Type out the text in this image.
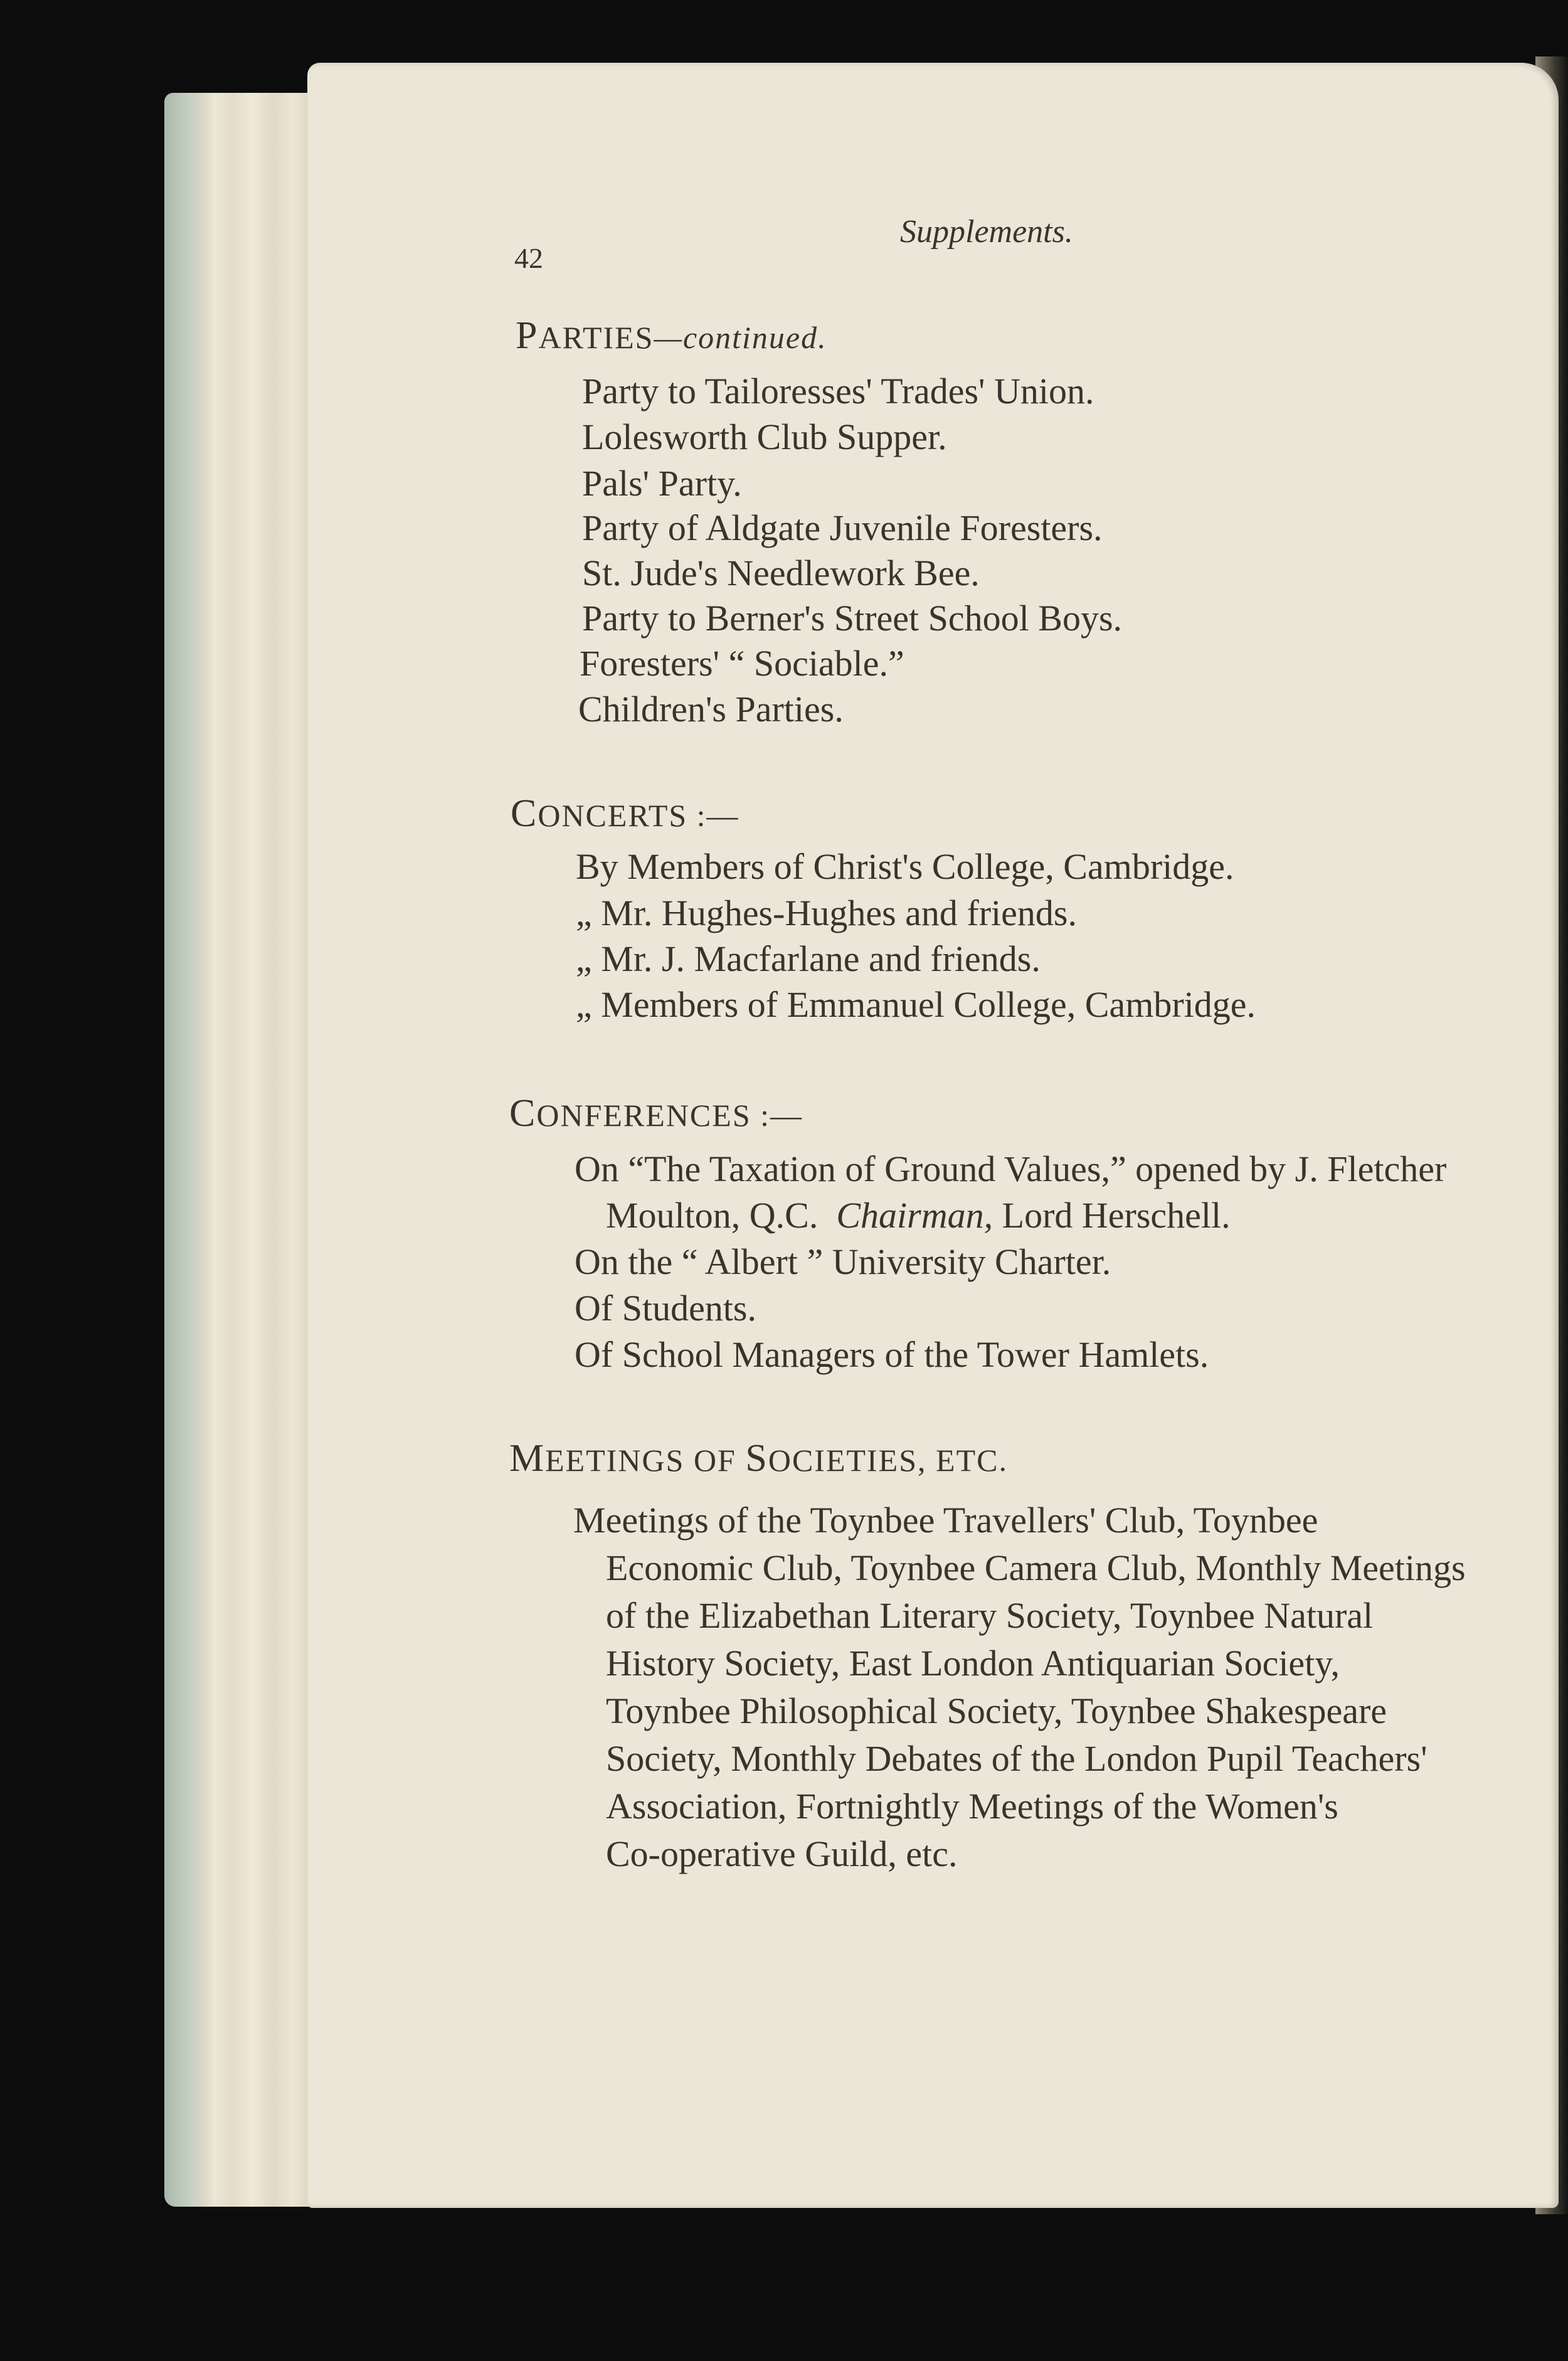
42

Supplements.

PARTIES—continued.

Party to Tailoresses' Trades' Union.

Lolesworth Club Supper.

Pals' Party.

Party of Aldgate Juvenile Foresters.

St. Jude's Needlework Bee.

Party to Berner's Street School Boys.

Foresters' “ Sociable.”

Children's Parties.

CONCERTS :—

By Members of Christ's College, Cambridge.

„ Mr. Hughes-Hughes and friends.

„ Mr. J. Macfarlane and friends.

„ Members of Emmanuel College, Cambridge.

CONFERENCES :—

On “The Taxation of Ground Values,” opened by J. Fletcher

Moulton, Q.C. Chairman, Lord Herschell.

On the “ Albert ” University Charter.

Of Students.

Of School Managers of the Tower Hamlets.

MEETINGS OF SOCIETIES, ETC.

Meetings of the Toynbee Travellers' Club, Toynbee

Economic Club, Toynbee Camera Club, Monthly Meetings

of the Elizabethan Literary Society, Toynbee Natural

History Society, East London Antiquarian Society,

Toynbee Philosophical Society, Toynbee Shakespeare

Society, Monthly Debates of the London Pupil Teachers'

Association, Fortnightly Meetings of the Women's

Co-operative Guild, etc.
